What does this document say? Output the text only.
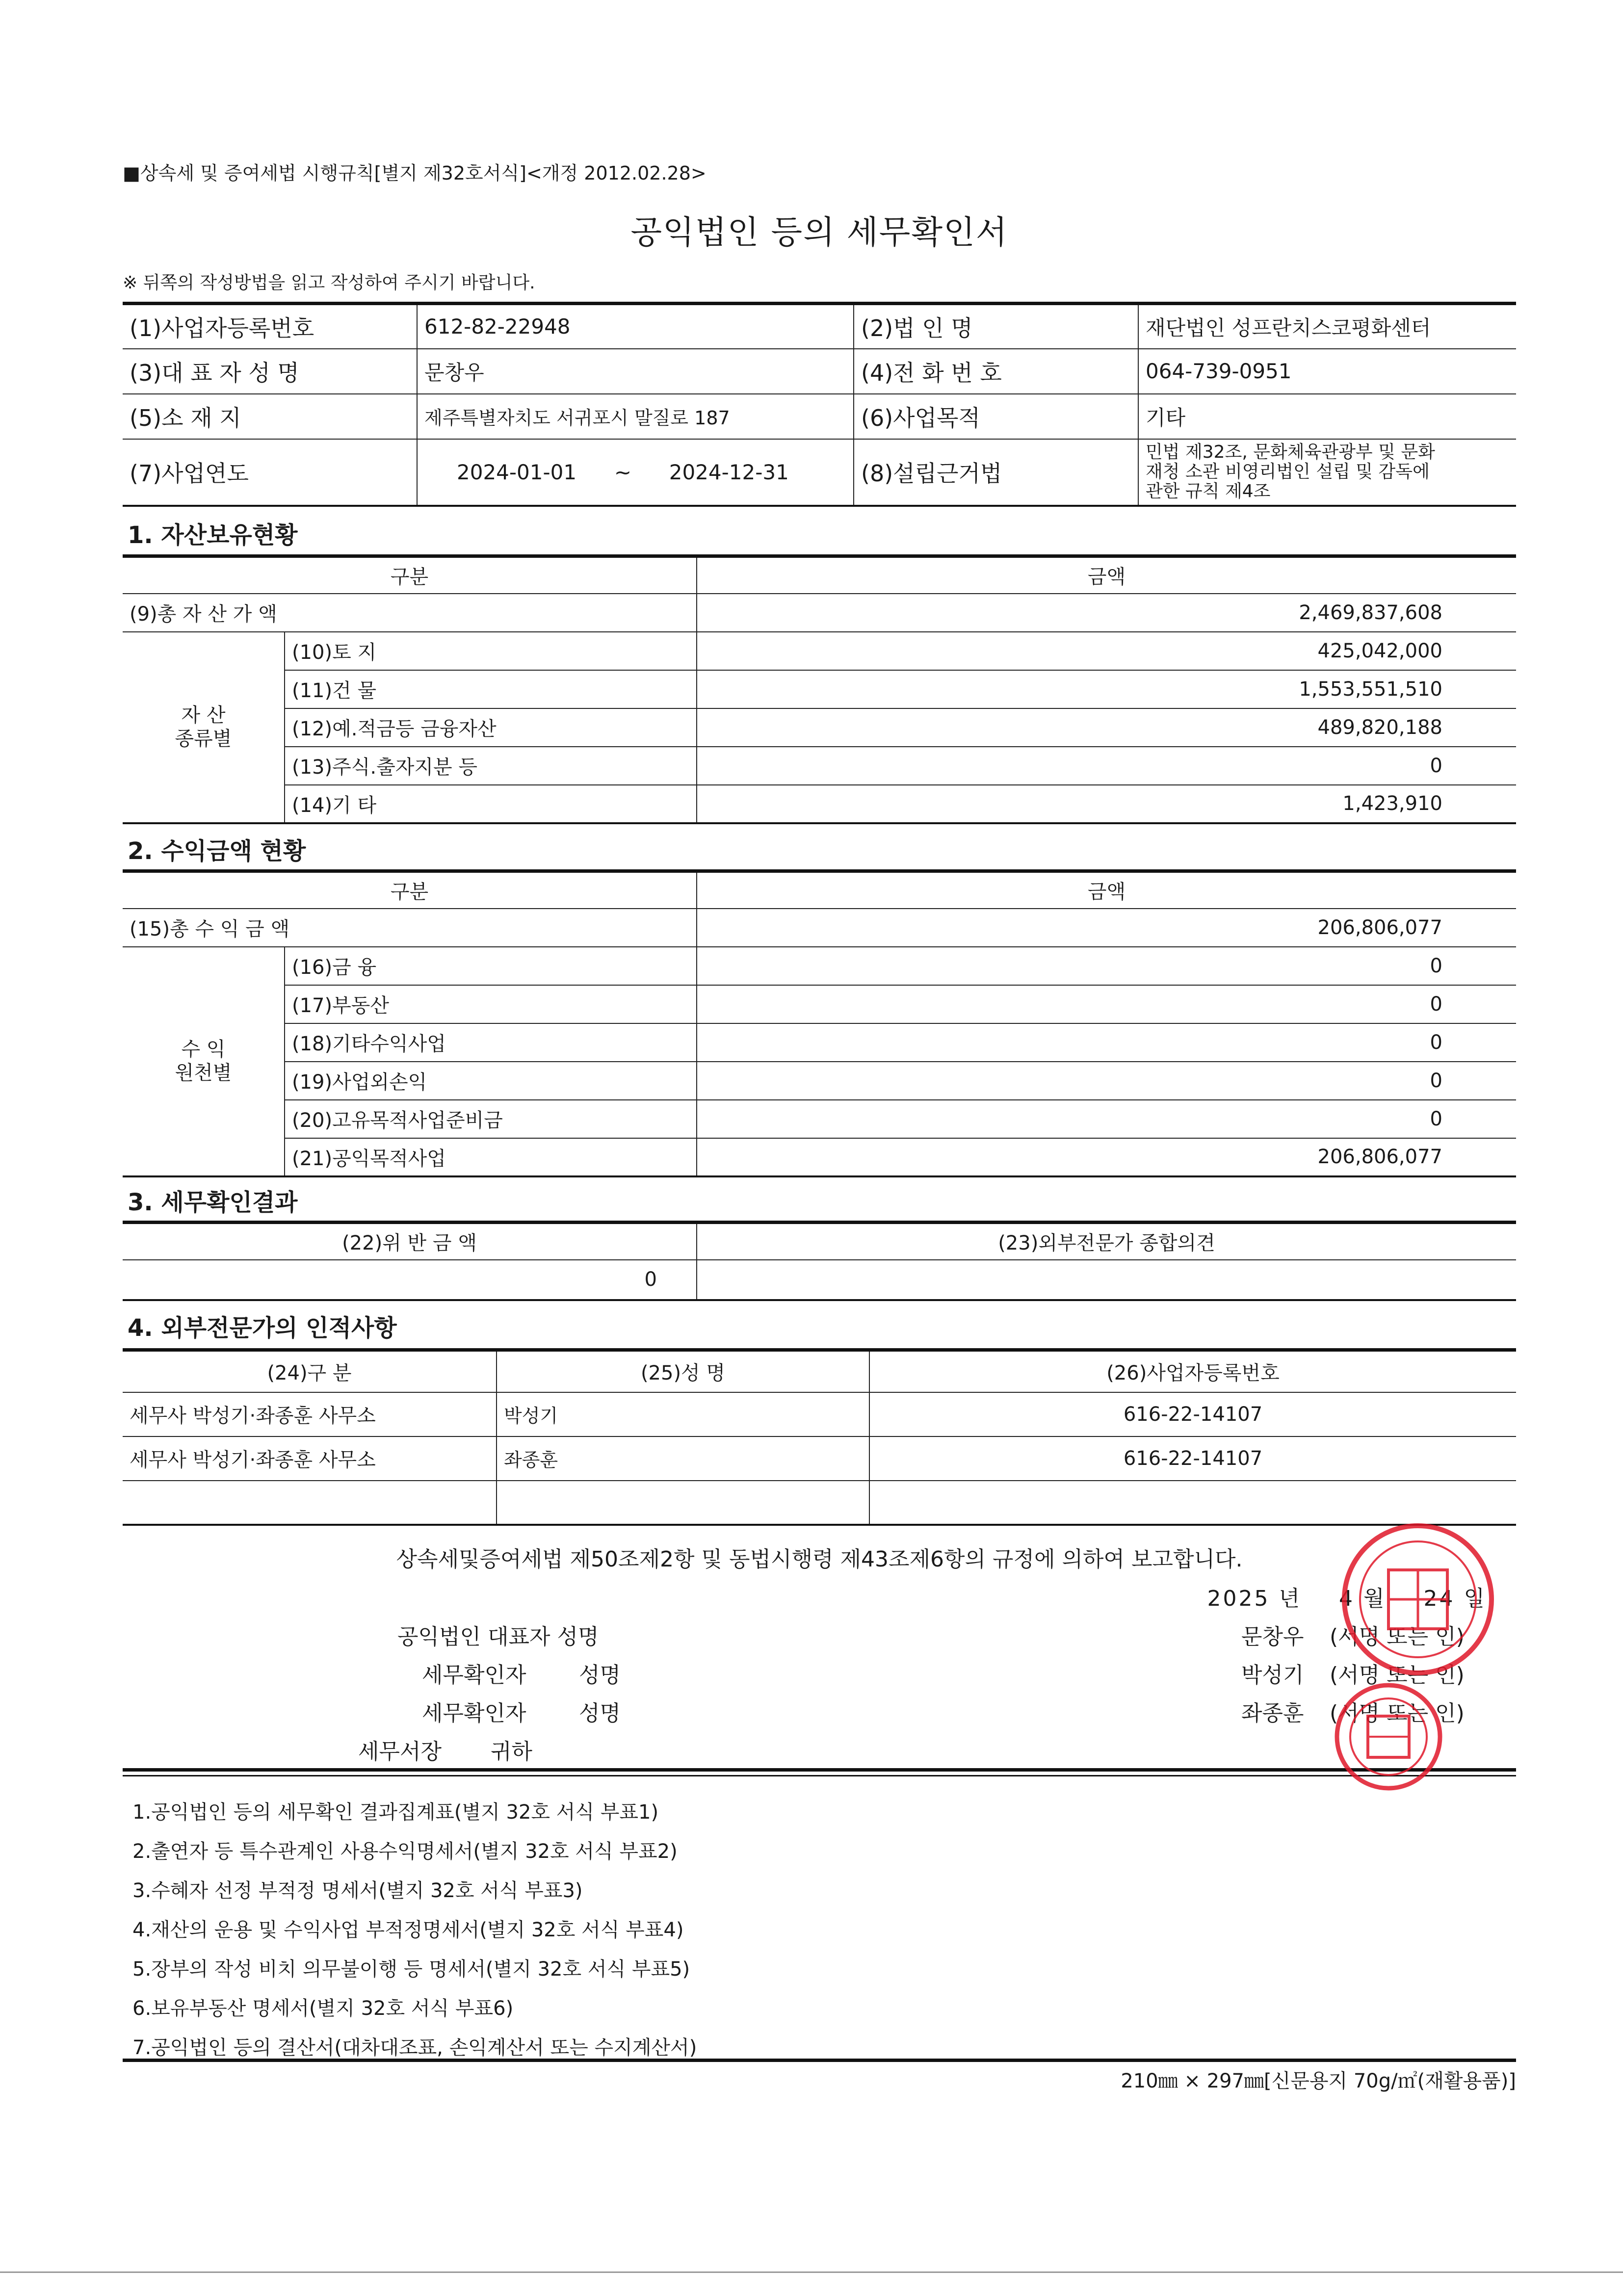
■상속세 및 증여세법 시행규칙[별지 제32호서식]<개정 2012.02.28>
공익법인 등의 세무확인서
※ 뒤쪽의 작성방법을 읽고 작성하여 주시기 바랍니다.
(1)사업자등록번호	612-82-22948	(2)법 인 명	재단법인 성프란치스코평화센터
(3)대 표 자 성 명	문창우	(4)전 화 번 호	064-739-0951
(5)소 재 지	제주특별자치도 서귀포시 말질로 187	(6)사업목적	기타
(7)사업연도	2024-01-01 ~ 2024-12-31	(8)설립근거법	민법 제32조, 문화체육관광부 및 문화
재청 소관 비영리법인 설립 및 감독에
관한 규칙 제4조
1. 자산보유현황
구분		금액
(9)총 자 산 가 액		2,469,837,608

자 산
종류별	(10)토 지	425,042,000
	(11)건 물	1,553,551,510
	(12)예.적금등 금융자산	489,820,188
	(13)주식.출자지분 등	0
	(14)기 타	1,423,910
2. 수익금액 현황
구분		금액
(15)총 수 익 금 액		206,806,077

수 익
원천별	(16)금 융	0
	(17)부동산	0
	(18)기타수익사업	0
	(19)사업외손익	0
	(20)고유목적사업준비금	0
	(21)공익목적사업	206,806,077
3. 세무확인결과
(22)위 반 금 액	(23)외부전문가 종합의견
0	
4. 외부전문가의 인적사항
(24)구 분	(25)성 명	(26)사업자등록번호
세무사 박성기·좌종훈 사무소	박성기	616-22-14107
세무사 박성기·좌종훈 사무소	좌종훈	616-22-14107

상속세및증여세법 제50조제2항 및 동법시행령 제43조제6항의 규정에 의하여 보고합니다.
2025 년 4 월 24 일
공익법인 대표자 성명	문창우 (서명 또는 인)
세무확인자 성명	박성기 (서명 또는 인)
세무확인자 성명	좌종훈 (서명 또는 인)
세무서장 귀하
1.공익법인 등의 세무확인 결과집계표(별지 32호 서식 부표1)
2.출연자 등 특수관계인 사용수익명세서(별지 32호 서식 부표2)
3.수혜자 선정 부적정 명세서(별지 32호 서식 부표3)
4.재산의 운용 및 수익사업 부적정명세서(별지 32호 서식 부표4)
5.장부의 작성 비치 의무불이행 등 명세서(별지 32호 서식 부표5)
6.보유부동산 명세서(별지 32호 서식 부표6)
7.공익법인 등의 결산서(대차대조표, 손익계산서 또는 수지계산서)
210㎜ × 297㎜[신문용지 70g/㎡(재활용품)]
